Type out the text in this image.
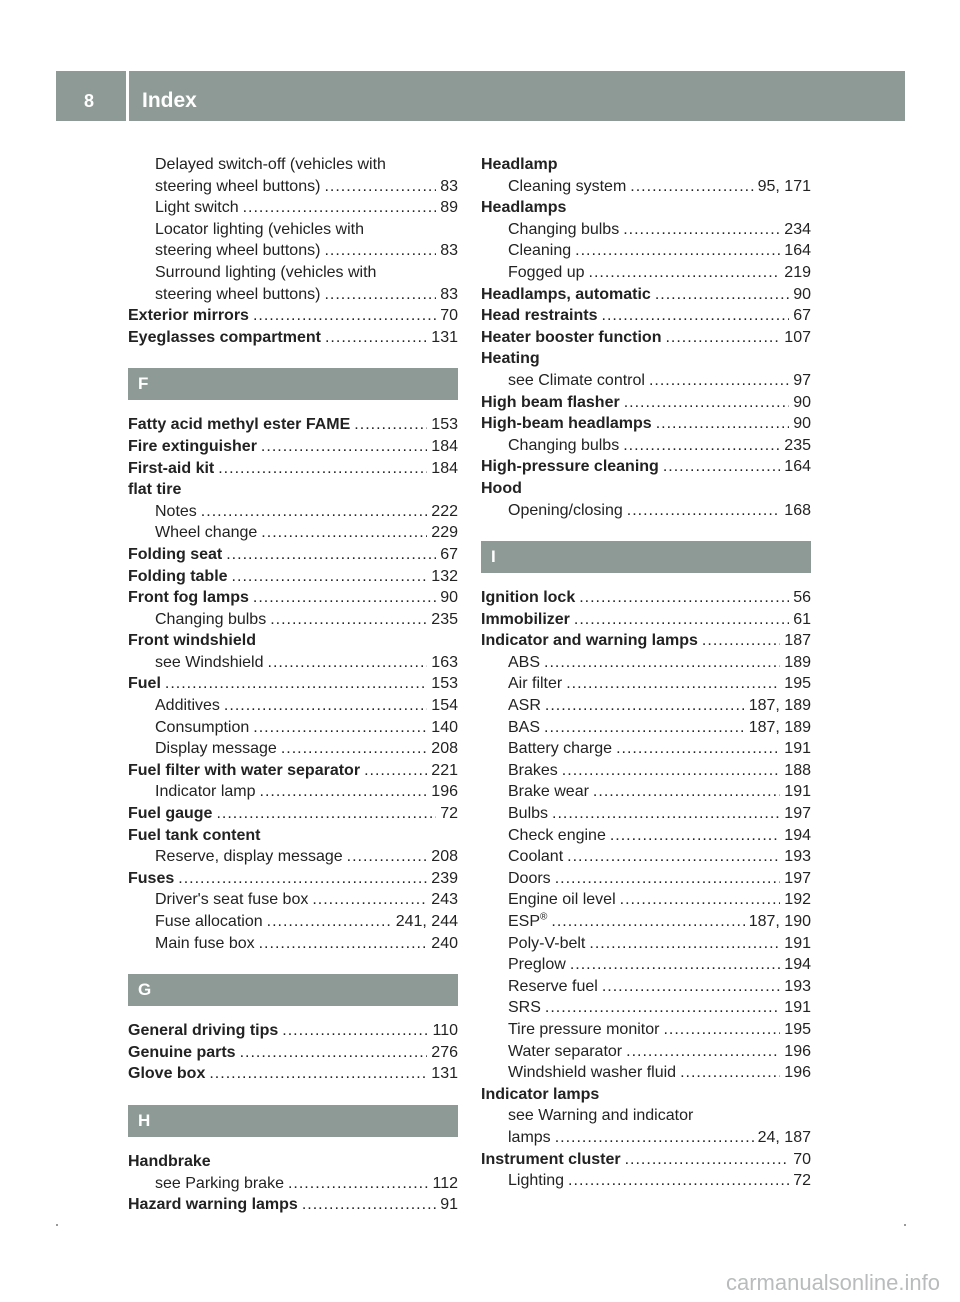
8 Index
Delayed switch-off (vehicles with
steering wheel buttons) .....	83
Light switch .....	89
Locator lighting (vehicles with
steering wheel buttons) .....	83
Surround lighting (vehicles with
steering wheel buttons) .....	83
Exterior mirrors .....	70
Eyeglasses compartment .....	131
F
Fatty acid methyl ester FAME .....	153
Fire extinguisher .....	184
First-aid kit .....	184
flat tire
Notes .....	222
Wheel change .....	229
Folding seat .....	67
Folding table .....	132
Front fog lamps .....	90
Changing bulbs .....	235
Front windshield
see Windshield .....	163
Fuel .....	153
Additives .....	154
Consumption .....	140
Display message .....	208
Fuel filter with water separator .....	221
Indicator lamp .....	196
Fuel gauge .....	72
Fuel tank content
Reserve, display message .....	208
Fuses .....	239
Driver's seat fuse box .....	243
Fuse allocation .....	241, 244
Main fuse box .....	240
G
General driving tips .....	110
Genuine parts .....	276
Glove box .....	131
H
Handbrake
see Parking brake .....	112
Hazard warning lamps .....	91
Headlamp
Cleaning system .....	95, 171
Headlamps
Changing bulbs .....	234
Cleaning .....	164
Fogged up .....	219
Headlamps, automatic .....	90
Head restraints .....	67
Heater booster function .....	107
Heating
see Climate control .....	97
High beam flasher .....	90
High-beam headlamps .....	90
Changing bulbs .....	235
High-pressure cleaning .....	164
Hood
Opening/closing .....	168
I
Ignition lock .....	56
Immobilizer .....	61
Indicator and warning lamps .....	187
ABS .....	189
Air filter .....	195
ASR .....	187, 189
BAS .....	187, 189
Battery charge .....	191
Brakes .....	188
Brake wear .....	191
Bulbs .....	197
Check engine .....	194
Coolant .....	193
Doors .....	197
Engine oil level .....	192
ESP® .....	187, 190
Poly-V-belt .....	191
Preglow .....	194
Reserve fuel .....	193
SRS .....	191
Tire pressure monitor .....	195
Water separator .....	196
Windshield washer fluid .....	196
Indicator lamps
see Warning and indicator
lamps .....	24, 187
Instrument cluster .....	70
Lighting .....	72
carmanualsonline.info
